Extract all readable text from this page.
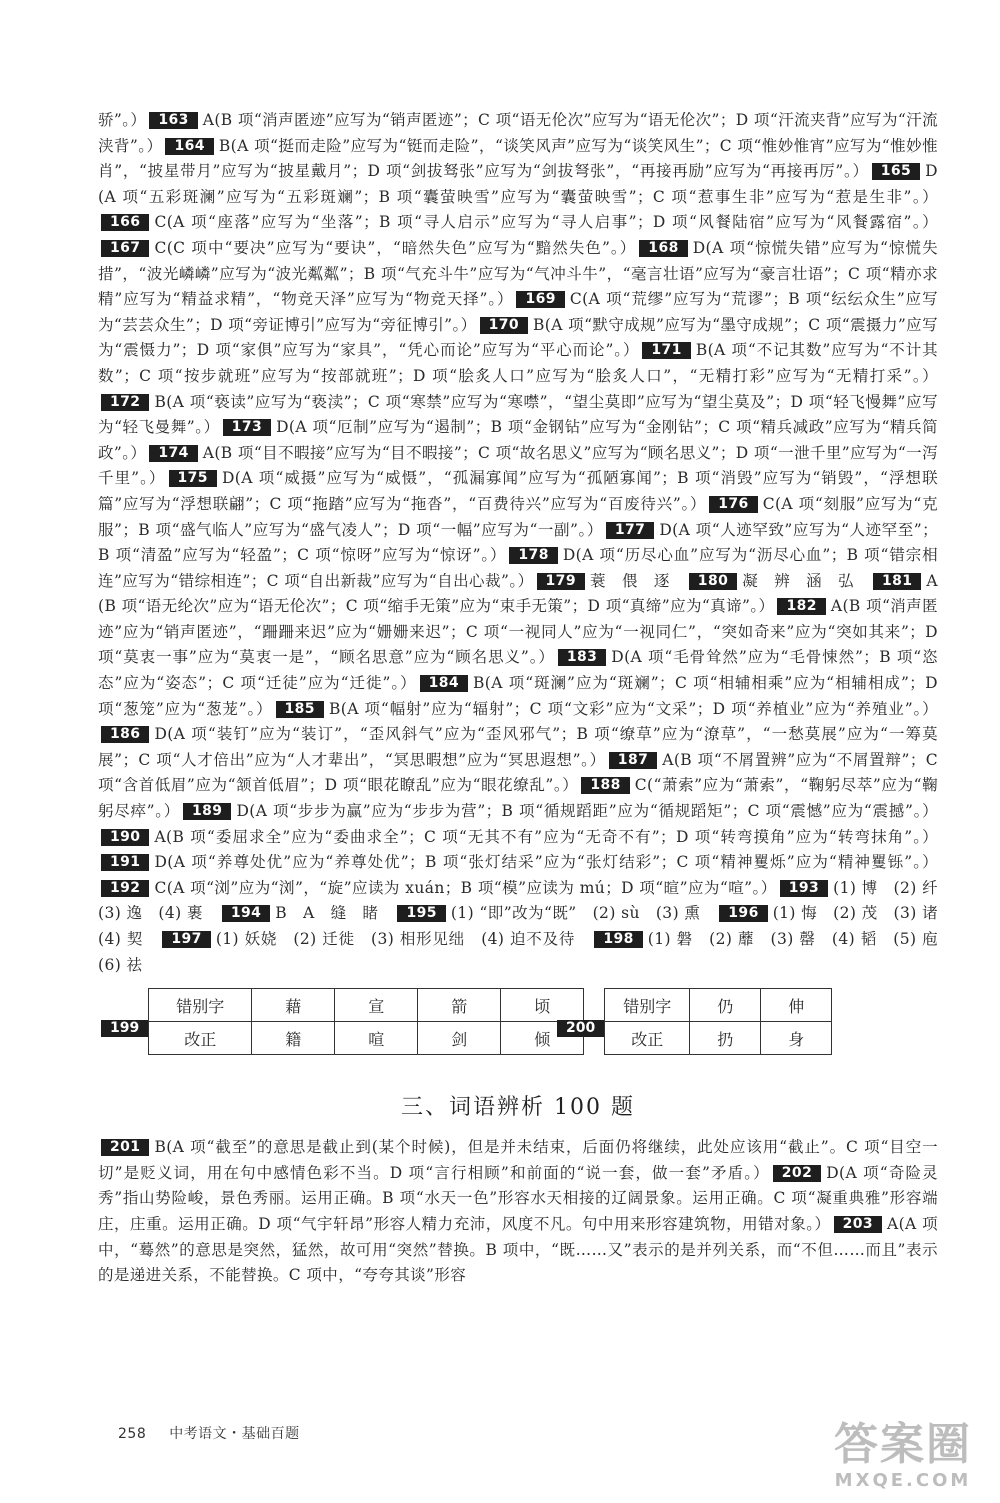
骄”。） 163 A(B 项“消声匿迹”应写为“销声匿迹”；C 项“语无伦次”应写为“语无伦次”；D 项“汗流夹背”应写为“汗流浃背”。） 164 B(A 项“挺而走险”应写为“铤而走险”，“谈笑风声”应写为“谈笑风生”；C 项“惟妙惟宵”应写为“惟妙惟肖”，“披星带月”应写为“披星戴月”；D 项“剑拔驽张”应写为“剑拔弩张”，“再接再励”应写为“再接再厉”。） 165 D(A 项“五彩斑澜”应写为“五彩斑斓”；B 项“囊萤映雪”应写为“囊萤映雪”；C 项“惹事生非”应写为“惹是生非”。）166 C(A 项“座落”应写为“坐落”；B 项“寻人启示”应写为“寻人启事”；D 项“风餐陆宿”应写为“风餐露宿”。）167 C(C 项中“要决”应写为“要诀”，“暗然失色”应写为“黯然失色”。） 168 D(A 项“惊慌失错”应写为“惊慌失措”，“波光嶙嶙”应写为“波光粼粼”；B 项“气充斗牛”应写为“气冲斗牛”，“毫言壮语”应写为“豪言壮语”；C 项“精亦求精”应写为“精益求精”，“物竞天泽”应写为“物竞天择”。） 169 C(A 项“荒缪”应写为“荒谬”；B 项“纭纭众生”应写为“芸芸众生”；D 项“旁证博引”应写为“旁征博引”。） 170 B(A 项“默守成规”应写为“墨守成规”；C 项“震摄力”应写为“震慑力”；D 项“家俱”应写为“家具”，“凭心而论”应写为“平心而论”。） 171 B(A 项“不记其数”应写为“不计其数”；C 项“按步就班”应写为“按部就班”；D 项“脍炙人口”应写为“脍炙人口”，“无精打彩”应写为“无精打采”。）172 B(A 项“亵读”应写为“亵渎”；C 项“寒禁”应写为“寒噤”，“望尘莫即”应写为“望尘莫及”；D 项“轻飞慢舞”应写为“轻飞曼舞”。） 173 D(A 项“厄制”应写为“遏制”；B 项“金钢钻”应写为“金刚钻”；C 项“精兵减政”应写为“精兵简政”。） 174 A(B 项“目不暇接”应写为“目不暇接”；C 项“故名思义”应写为“顾名思义”；D 项“一泄千里”应写为“一泻千里”。） 175 D(A 项“威摄”应写为“威慑”，“孤漏寡闻”应写为“孤陋寡闻”；B 项“消毁”应写为“销毁”，“浮想联篇”应写为“浮想联翩”；C 项“拖踏”应写为“拖沓”，“百费待兴”应写为“百废待兴”。） 176 C(A 项“刻服”应写为“克服”；B 项“盛气临人”应写为“盛气凌人”；D 项“一幅”应写为“一副”。） 177 D(A 项“人迹罕致”应写为“人迹罕至”；B 项“清盈”应写为“轻盈”；C 项“惊呀”应写为“惊讶”。） 178 D(A 项“历尽心血”应写为“沥尽心血”；B 项“错宗相连”应写为“错综相连”；C 项“自出新裁”应写为“自出心裁”。） 179 蓑　偎　逐　180 凝　辨　涵　弘　181 A(B 项“语无纶次”应为“语无伦次”；C 项“缩手无策”应为“束手无策”；D 项“真缔”应为“真谛”。） 182 A(B 项“消声匿迹”应为“销声匿迹”，“跚跚来迟”应为“姗姗来迟”；C 项“一视同人”应为“一视同仁”，“突如奇来”应为“突如其来”；D 项“莫衷一事”应为“莫衷一是”，“顾名思意”应为“顾名思义”。） 183 D(A 项“毛骨耸然”应为“毛骨悚然”；B 项“恣态”应为“姿态”；C 项“迁徒”应为“迁徙”。） 184 B(A 项“斑澜”应为“斑斓”；C 项“相辅相乘”应为“相辅相成”；D 项“葱笼”应为“葱茏”。） 185 B(A 项“幅射”应为“辐射”；C 项“文彩”应为“文采”；D 项“养植业”应为“养殖业”。）186 D(A 项“装钉”应为“装订”，“歪风斜气”应为“歪风邪气”；B 项“缭草”应为“潦草”，“一愁莫展”应为“一筹莫展”；C 项“人才倍出”应为“人才辈出”，“冥思暇想”应为“冥思遐想”。） 187 A(B 项“不屑置辨”应为“不屑置辩”；C 项“含首低眉”应为“颔首低眉”；D 项“眼花瞭乱”应为“眼花缭乱”。） 188 C(“萧索”应为“萧索”，“鞠躬尽萃”应为“鞠躬尽瘁”。） 189 D(A 项“步步为赢”应为“步步为营”；B 项“循规蹈距”应为“循规蹈矩”；C 项“震憾”应为“震撼”。）190 A(B 项“委屈求全”应为“委曲求全”；C 项“无其不有”应为“无奇不有”；D 项“转弯摸角”应为“转弯抹角”。）191 D(A 项“养尊处优”应为“养尊处优”；B 项“张灯结采”应为“张灯结彩”；C 项“精神矍烁”应为“精神矍铄”。）192 C(A 项“浏”应为“浏”，“旋”应读为 xuán；B 项“模”应读为 mú；D 项“暄”应为“喧”。） 193 (1) 博　(2) 纤　(3) 逸　(4) 裹　194 B　A　缝　睹　195 (1) “即”改为“既”　(2) sù　(3) 熏　196 (1) 悔　(2) 茂　(3) 诸　(4) 契　197 (1) 妖娆　(2) 迁徙　(3) 相形见绌　(4) 迫不及待　198 (1) 磐　(2) 蘼　(3) 罄　(4) 韬　(5) 庖　(6) 祛

199
错别字	藉	宣	箭	顷
改正	籍	喧	剑	倾
200
错别字	仍	伸
改正	扔	身
三、词语辨析 100 题

201 B(A 项“截至”的意思是截止到(某个时候)，但是并未结束，后面仍将继续，此处应该用“截止”。C 项“目空一切”是贬义词，用在句中感情色彩不当。D 项“言行相顾”和前面的“说一套，做一套”矛盾。） 202 D(A 项“奇险灵秀”指山势险峻，景色秀丽。运用正确。B 项“水天一色”形容水天相接的辽阔景象。运用正确。C 项“凝重典雅”形容端庄，庄重。运用正确。D 项“气宇轩昂”形容人精力充沛，风度不凡。句中用来形容建筑物，用错对象。） 203 A(A 项中，“蓦然”的意思是突然，猛然，故可用“突然”替换。B 项中，“既……又”表示的是并列关系，而“不但……而且”表示的是递进关系，不能替换。C 项中，“夸夸其谈”形容

258 中考语文・基础百题	答案圈
MXQE.COM
